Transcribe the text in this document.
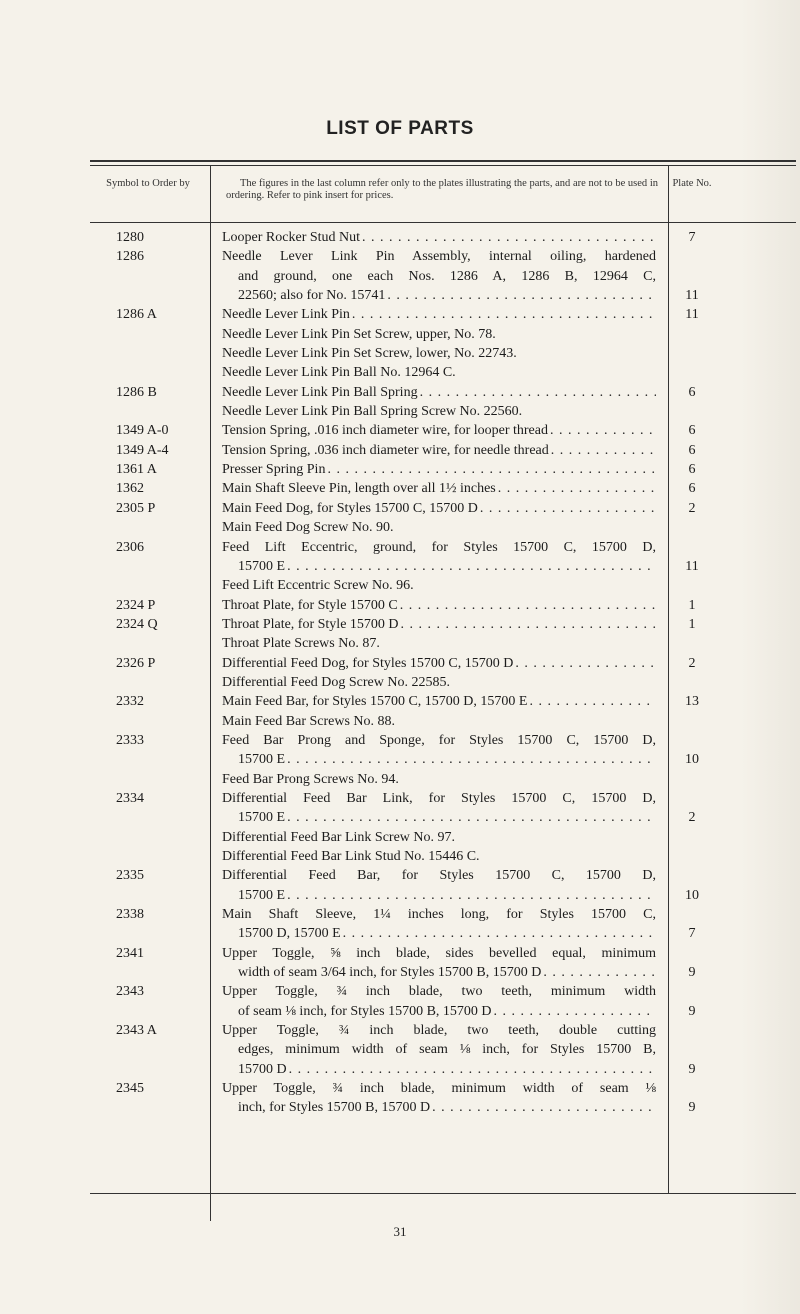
LIST OF PARTS
Symbol to Order by	The figures in the last column refer only to the plates illustrating the parts, and are not to be used in ordering. Refer to pink insert for prices.
Plate No.
1280	Looper Rocker Stud Nut . . .	7
1286	Needle Lever Link Pin Assembly, internal oiling, hardened
and ground, one each Nos. 1286 A, 1286 B, 12964 C,
22560; also for No. 15741 . . .	11
1286 A	Needle Lever Link Pin . . .	11
Needle Lever Link Pin Set Screw, upper, No. 78.
Needle Lever Link Pin Set Screw, lower, No. 22743.
Needle Lever Link Pin Ball No. 12964 C.
1286 B	Needle Lever Link Pin Ball Spring . . .	6
Needle Lever Link Pin Ball Spring Screw No. 22560.
1349 A-0	Tension Spring, .016 inch diameter wire, for looper thread . . .	6
1349 A-4	Tension Spring, .036 inch diameter wire, for needle thread . . .	6
1361 A	Presser Spring Pin . . .	6
1362	Main Shaft Sleeve Pin, length over all 1½ inches . . .	6
2305 P	Main Feed Dog, for Styles 15700 C, 15700 D . . .	2
Main Feed Dog Screw No. 90.
2306	Feed Lift Eccentric, ground, for Styles 15700 C, 15700 D,
15700 E . . .	11
Feed Lift Eccentric Screw No. 96.
2324 P	Throat Plate, for Style 15700 C . . .	1
2324 Q	Throat Plate, for Style 15700 D . . .	1
Throat Plate Screws No. 87.
2326 P	Differential Feed Dog, for Styles 15700 C, 15700 D . . .	2
Differential Feed Dog Screw No. 22585.
2332	Main Feed Bar, for Styles 15700 C, 15700 D, 15700 E . . .	13
Main Feed Bar Screws No. 88.
2333	Feed Bar Prong and Sponge, for Styles 15700 C, 15700 D,
15700 E . . .	10
Feed Bar Prong Screws No. 94.
2334	Differential Feed Bar Link, for Styles 15700 C, 15700 D,
15700 E . . .	2
Differential Feed Bar Link Screw No. 97.
Differential Feed Bar Link Stud No. 15446 C.
2335	Differential Feed Bar, for Styles 15700 C, 15700 D,
15700 E . . .	10
2338	Main Shaft Sleeve, 1¼ inches long, for Styles 15700 C,
15700 D, 15700 E . . .	7
2341	Upper Toggle, ⅝ inch blade, sides bevelled equal, minimum
width of seam 3/64 inch, for Styles 15700 B, 15700 D . . .	9
2343	Upper Toggle, ¾ inch blade, two teeth, minimum width
of seam ⅛ inch, for Styles 15700 B, 15700 D . . .	9
2343 A	Upper Toggle, ¾ inch blade, two teeth, double cutting
edges, minimum width of seam ⅛ inch, for Styles 15700 B,
15700 D . . .	9
2345	Upper Toggle, ¾ inch blade, minimum width of seam ⅛
inch, for Styles 15700 B, 15700 D . . .	9
31
